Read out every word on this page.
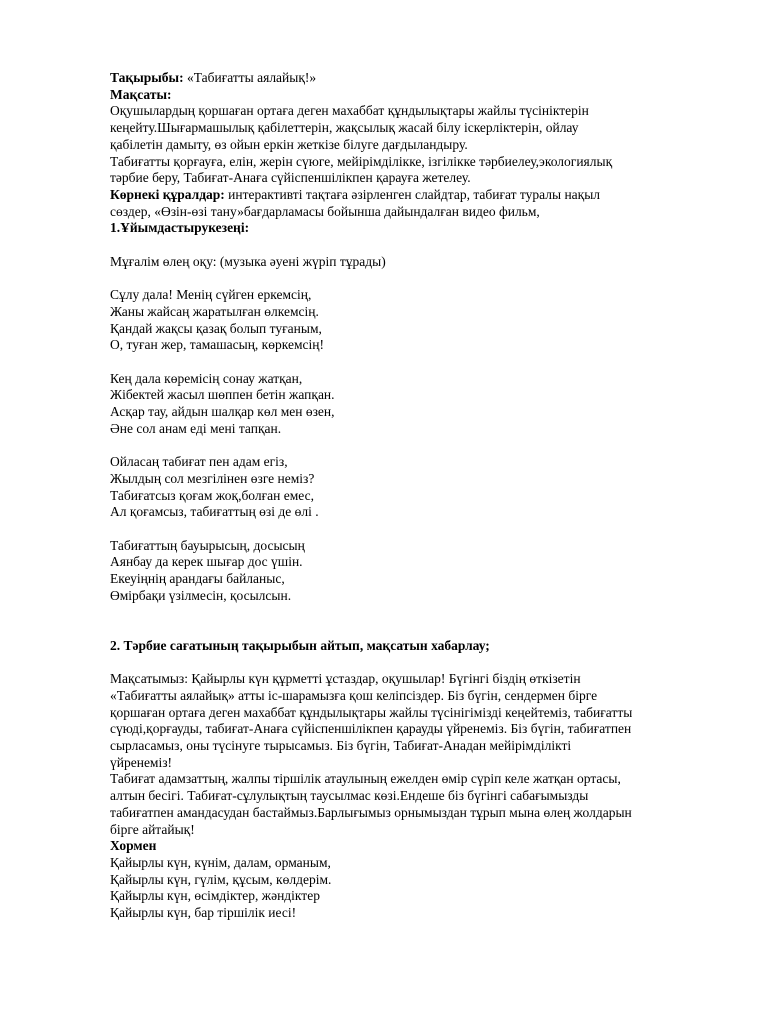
Тақырыбы: «Табиғатты аялайық!»
Мақсаты:
Оқушылардың қоршаған ортаға деген махаббат құндылықтары жайлы түсініктерін
кеңейту.Шығармашылық қабілеттерін, жақсылық жасай білу іскерліктерін, ойлау
қабілетін дамыту, өз ойын еркін жеткізе білуге дағдыландыру.
Табиғатты қорғауға, елін, жерін сүюге, мейірімділікке, ізгілікке тәрбиелеу,экологиялық
тәрбие беру, Табиғат-Анаға сүйіспеншілікпен қарауға жетелеу.
Көрнекі құралдар: интерактивті тақтаға әзірленген слайдтар, табиғат туралы нақыл
сөздер, «Өзін-өзі тану»бағдарламасы бойынша дайындалған видео фильм,
1.Ұйымдастырукезеңі:
Мұғалім өлең оқу: (музыка әуені жүріп тұрады)
Сұлу дала! Менің сүйген еркемсің,
Жаны жайсаң жаратылған өлкемсің.
Қандай жақсы қазақ болып туғаным,
О, туған жер, тамашасың, көркемсің!
Кең дала көремісің сонау жатқан,
Жібектей жасыл шөппен бетін жапқан.
Асқар тау, айдын шалқар көл мен өзен,
Әне сол анам еді мені тапқан.
Ойласаң табиғат пен адам егіз,
Жылдың сол мезгілінен өзге неміз?
Табиғатсыз қоғам жоқ,болған емес,
Ал қоғамсыз, табиғаттың өзі де өлі .
Табиғаттың бауырысың, досысың
Аянбау да керек шығар дос үшін.
Екеуіңнің арандағы байланыс,
Өмірбақи үзілмесін, қосылсын.
2. Тәрбие сағатының тақырыбын айтып, мақсатын хабарлау;
Мақсатымыз: Қайырлы күн құрметті ұстаздар, оқушылар! Бүгінгі біздің өткізетін
«Табиғатты аялайық» атты іс-шарамызға қош келіпсіздер. Біз бүгін, сендермен бірге
қоршаған ортаға деген махаббат құндылықтары жайлы түсінігімізді кеңейтеміз, табиғатты
сүюді,қорғауды, табиғат-Анаға сүйіспеншілікпен қарауды үйренеміз. Біз бүгін, табиғатпен
сырласамыз, оны түсінуге тырысамыз. Біз бүгін, Табиғат-Анадан мейірімділікті
үйренеміз!
Табиғат адамзаттың, жалпы тіршілік атаулының ежелден өмір сүріп келе жатқан ортасы,
алтын бесігі. Табиғат-сұлулықтың таусылмас көзі.Ендеше біз бүгінгі сабағымызды
табиғатпен амандасудан бастаймыз.Барлығымыз орнымыздан тұрып мына өлең жолдарын
бірге айтайық!
Хормен
Қайырлы күн, күнім, далам, орманым,
Қайырлы күн, гүлім, құсым, көлдерім.
Қайырлы күн, өсімдіктер, жәндіктер
Қайырлы күн, бар тіршілік иесі!
